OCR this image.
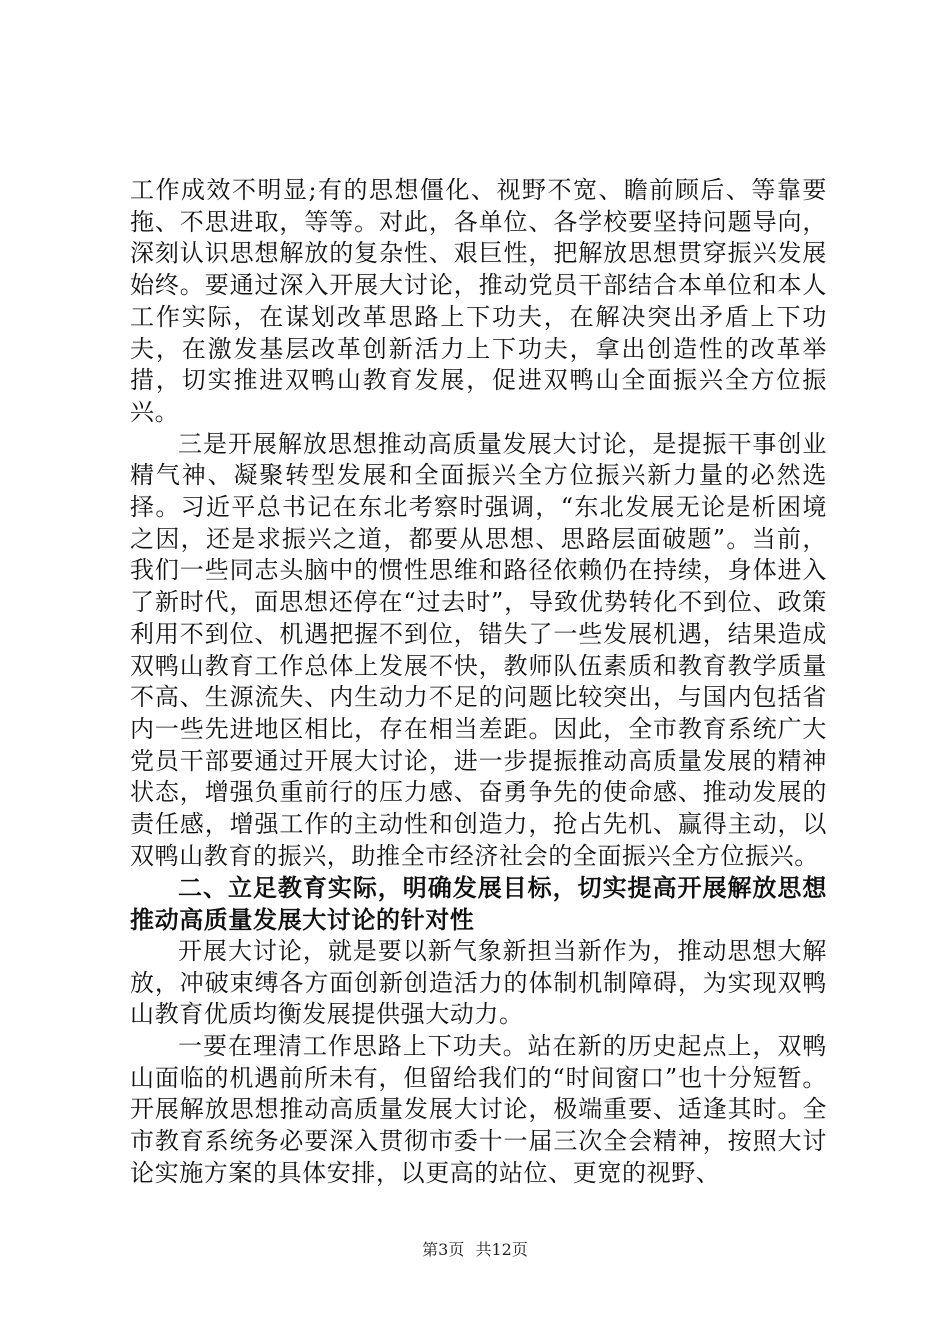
工作成效不明显;有的思想僵化、视野不宽、瞻前顾后、等靠要拖、不思进取，等等。对此，各单位、各学校要坚持问题导向，深刻认识思想解放的复杂性、艰巨性，把解放思想贯穿振兴发展始终。要通过深入开展大讨论，推动党员干部结合本单位和本人工作实际，在谋划改革思路上下功夫，在解决突出矛盾上下功夫，在激发基层改革创新活力上下功夫，拿出创造性的改革举措，切实推进双鸭山教育发展，促进双鸭山全面振兴全方位振兴。

三是开展解放思想推动高质量发展大讨论，是提振干事创业精气神、凝聚转型发展和全面振兴全方位振兴新力量的必然选择。习近平总书记在东北考察时强调，“东北发展无论是析困境之因，还是求振兴之道，都要从思想、思路层面破题”。当前，我们一些同志头脑中的惯性思维和路径依赖仍在持续，身体进入了新时代，面思想还停在“过去时”，导致优势转化不到位、政策利用不到位、机遇把握不到位，错失了一些发展机遇，结果造成双鸭山教育工作总体上发展不快，教师队伍素质和教育教学质量不高、生源流失、内生动力不足的问题比较突出，与国内包括省内一些先进地区相比，存在相当差距。因此，全市教育系统广大党员干部要通过开展大讨论，进一步提振推动高质量发展的精神状态，增强负重前行的压力感、奋勇争先的使命感、推动发展的责任感，增强工作的主动性和创造力，抢占先机、赢得主动，以双鸭山教育的振兴，助推全市经济社会的全面振兴全方位振兴。

二、立足教育实际，明确发展目标，切实提高开展解放思想推动高质量发展大讨论的针对性

开展大讨论，就是要以新气象新担当新作为，推动思想大解放，冲破束缚各方面创新创造活力的体制机制障碍，为实现双鸭山教育优质均衡发展提供强大动力。

一要在理清工作思路上下功夫。站在新的历史起点上，双鸭山面临的机遇前所未有，但留给我们的“时间窗口”也十分短暂。开展解放思想推动高质量发展大讨论，极端重要、适逢其时。全市教育系统务必要深入贯彻市委十一届三次全会精神，按照大讨论实施方案的具体安排，以更高的站位、更宽的视野、

第3页 共12页
